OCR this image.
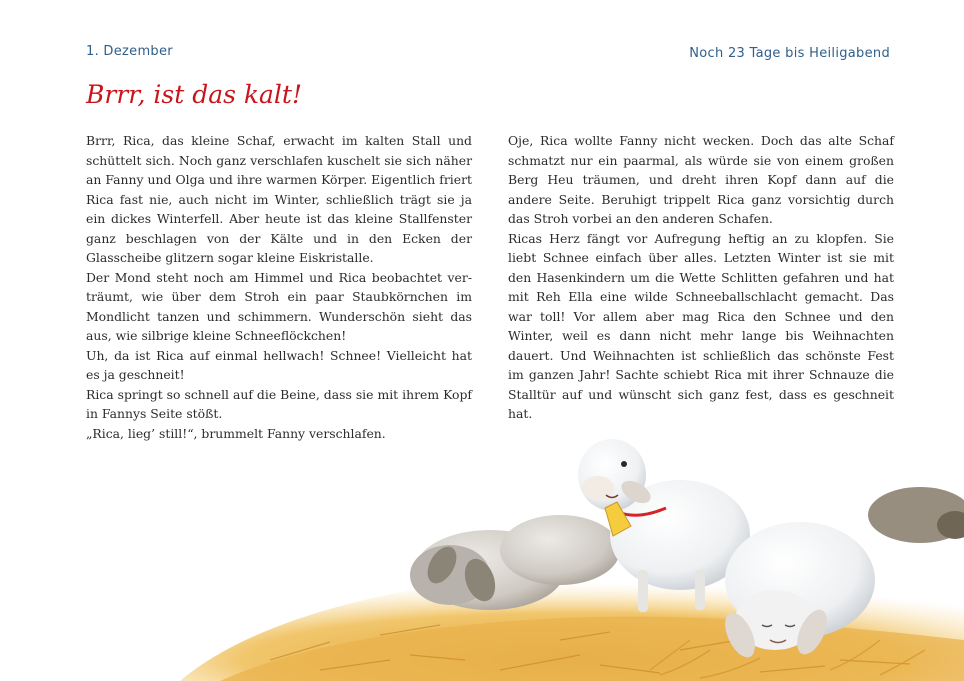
1. Dezember	Noch 23 Tage bis Heiligabend
Brrr, ist das kalt!

Brrr, Rica, das kleine Schaf, erwacht im kalten Stall und schüttelt sich. Noch ganz verschlafen kuschelt sie sich näher an Fanny und Olga und ihre warmen Körper. Eigentlich friert Rica fast nie, auch nicht im Winter, schließlich trägt sie ja ein dickes Winterfell. Aber heute ist das kleine Stallfenster ganz beschlagen von der Kälte und in den Ecken der Glasscheibe glitzern sogar kleine Eiskristalle.

Der Mond steht noch am Himmel und Rica beobachtet verträumt, wie über dem Stroh ein paar Staubkörnchen im Mondlicht tanzen und schimmern. Wunderschön sieht das aus, wie silbrige kleine Schneeflöckchen!

Uh, da ist Rica auf einmal hellwach! Schnee! Vielleicht hat es ja geschneit!

Rica springt so schnell auf die Beine, dass sie mit ihrem Kopf in Fannys Seite stößt.

„Rica, lieg’ still!“, brummelt Fanny verschlafen.

Oje, Rica wollte Fanny nicht wecken. Doch das alte Schaf schmatzt nur ein paarmal, als würde sie von einem großen Berg Heu träumen, und dreht ihren Kopf dann auf die andere Seite. Beruhigt trippelt Rica ganz vorsichtig durch das Stroh vorbei an den anderen Schafen.

Ricas Herz fängt vor Aufregung heftig an zu klopfen. Sie liebt Schnee einfach über alles. Letzten Winter ist sie mit den Hasenkindern um die Wette Schlitten gefahren und hat mit Reh Ella eine wilde Schneeballschlacht gemacht. Das war toll! Vor allem aber mag Rica den Schnee und den Winter, weil es dann nicht mehr lange bis Weihnachten dauert. Und Weihnachten ist schließlich das schönste Fest im ganzen Jahr! Sachte schiebt Rica mit ihrer Schnauze die Stalltür auf und wünscht sich ganz fest, dass es geschneit hat.
